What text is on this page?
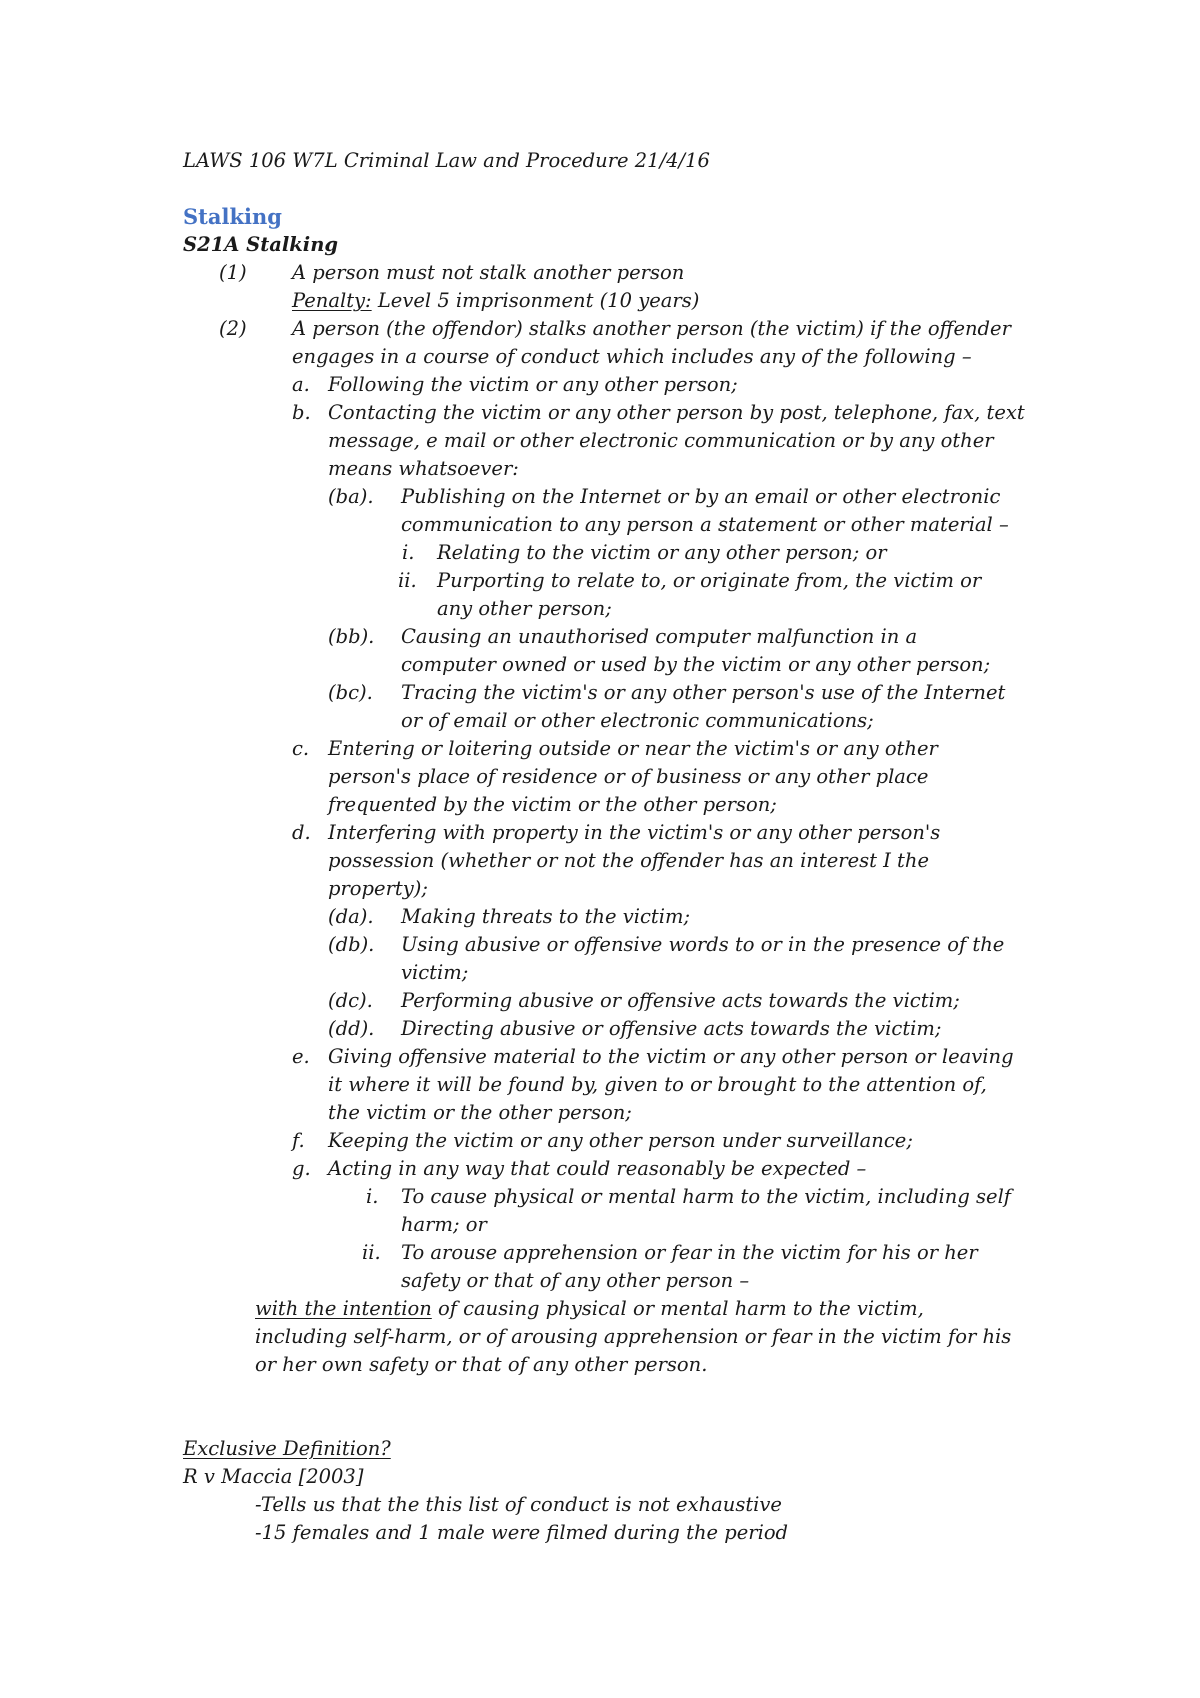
LAWS 106 W7L Criminal Law and Procedure 21/4/16
Stalking
S21A Stalking
(1) A person must not stalk another person
Penalty: Level 5 imprisonment (10 years)
(2) A person (the offendor) stalks another person (the victim) if the offender
engages in a course of conduct which includes any of the following –
a. Following the victim or any other person;
b. Contacting the victim or any other person by post, telephone, fax, text
message, e mail or other electronic communication or by any other
means whatsoever:
(ba). Publishing on the Internet or by an email or other electronic
communication to any person a statement or other material –
i. Relating to the victim or any other person; or
ii. Purporting to relate to, or originate from, the victim or
any other person;
(bb). Causing an unauthorised computer malfunction in a
computer owned or used by the victim or any other person;
(bc). Tracing the victim's or any other person's use of the Internet
or of email or other electronic communications;
c. Entering or loitering outside or near the victim's or any other
person's place of residence or of business or any other place
frequented by the victim or the other person;
d. Interfering with property in the victim's or any other person's
possession (whether or not the offender has an interest I the
property);
(da). Making threats to the victim;
(db). Using abusive or offensive words to or in the presence of the
victim;
(dc). Performing abusive or offensive acts towards the victim;
(dd). Directing abusive or offensive acts towards the victim;
e. Giving offensive material to the victim or any other person or leaving
it where it will be found by, given to or brought to the attention of,
the victim or the other person;
f. Keeping the victim or any other person under surveillance;
g. Acting in any way that could reasonably be expected –
i. To cause physical or mental harm to the victim, including self
harm; or
ii. To arouse apprehension or fear in the victim for his or her
safety or that of any other person –
with the intention of causing physical or mental harm to the victim,
including self-harm, or of arousing apprehension or fear in the victim for his
or her own safety or that of any other person.
Exclusive Definition?
R v Maccia [2003]
-Tells us that the this list of conduct is not exhaustive
-15 females and 1 male were filmed during the period
